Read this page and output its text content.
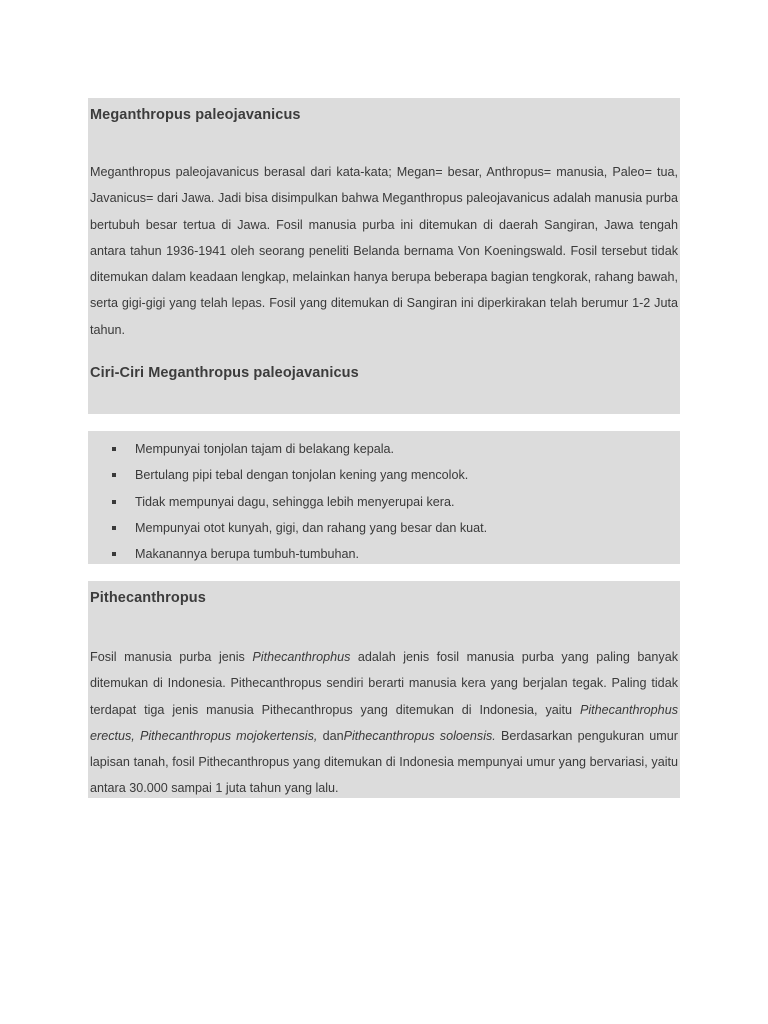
Meganthropus paleojavanicus

Meganthropus paleojavanicus berasal dari kata-kata; Megan= besar, Anthropus= manusia, Paleo= tua, Javanicus= dari Jawa. Jadi bisa disimpulkan bahwa Meganthropus paleojavanicus adalah manusia purba bertubuh besar tertua di Jawa. Fosil manusia purba ini ditemukan di daerah Sangiran, Jawa tengah antara tahun 1936-1941 oleh seorang peneliti Belanda bernama Von Koeningswald. Fosil tersebut tidak ditemukan dalam keadaan lengkap, melainkan hanya berupa beberapa bagian tengkorak, rahang bawah, serta gigi-gigi yang telah lepas. Fosil yang ditemukan di Sangiran ini diperkirakan telah berumur 1-2 Juta tahun.

Ciri-Ciri Meganthropus paleojavanicus
Mempunyai tonjolan tajam di belakang kepala.
Bertulang pipi tebal dengan tonjolan kening yang mencolok.
Tidak mempunyai dagu, sehingga lebih menyerupai kera.
Mempunyai otot kunyah, gigi, dan rahang yang besar dan kuat.
Makanannya berupa tumbuh-tumbuhan.
Pithecanthropus

Fosil manusia purba jenis Pithecanthrophus adalah jenis fosil manusia purba yang paling banyak ditemukan di Indonesia. Pithecanthropus sendiri berarti manusia kera yang berjalan tegak. Paling tidak terdapat tiga jenis manusia Pithecanthropus yang ditemukan di Indonesia, yaitu Pithecanthrophus erectus, Pithecanthropus mojokertensis, danPithecanthropus soloensis. Berdasarkan pengukuran umur lapisan tanah, fosil Pithecanthropus yang ditemukan di Indonesia mempunyai umur yang bervariasi, yaitu antara 30.000 sampai 1 juta tahun yang lalu.
